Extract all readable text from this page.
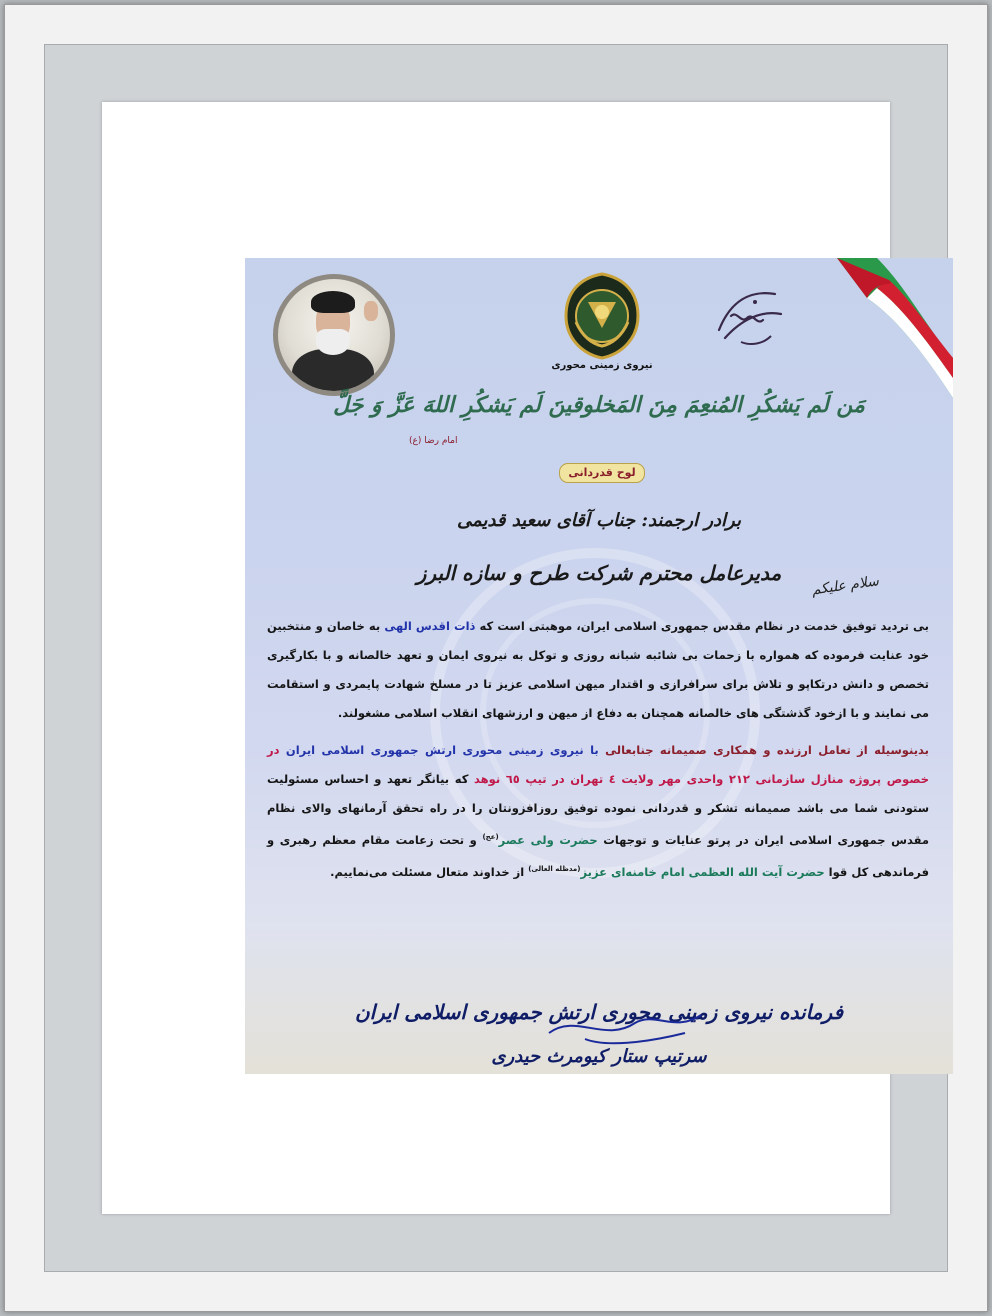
نیروی زمینی محوری
مَن لَم یَشکُرِ المُنعِمَ مِنَ المَخلوقینَ لَم یَشکُرِ اللهَ عَزَّ وَ جَلَّ
امام رضا (ع)
لوح قدردانی
برادر ارجمند: جناب آقای سعید قدیمی
مدیرعامل محترم شرکت طرح و سازه البرز
سلام علیکم

بی تردید توفیق خدمت در نظام مقدس جمهوری اسلامی ایران، موهبتی است که ذات اقدس الهی به خاصان و منتخبین خود عنایت فرموده که همواره با زحمات بی شائبه شبانه روزی و توکل به نیروی ایمان و تعهد خالصانه و با بکارگیری تخصص و دانش درتکاپو و تلاش برای سرافرازی و اقتدار میهن اسلامی عزیز تا در مسلخ شهادت پایمردی و استقامت می نمایند و با ازخود گذشتگی های خالصانه همچنان به دفاع از میهن و ارزشهای انقلاب اسلامی مشغولند.

بدینوسیله از تعامل ارزنده و همکاری صمیمانه جنابعالی با نیروی زمینی محوری ارتش جمهوری اسلامی ایران در خصوص پروژه منازل سازمانی ۲۱۲ واحدی مهر ولایت ٤ تهران در تیپ ٦٥ نوهد که بیانگر تعهد و احساس مسئولیت ستودنی شما می باشد صمیمانه تشکر و قدردانی نموده توفیق روزافزونتان را در راه تحقق آرمانهای والای نظام مقدس جمهوری اسلامی ایران در پرتو عنایات و توجهات حضرت ولی عصر$^{(عج)}$ و تحت زعامت مقام معظم رهبری و فرماندهی کل قوا حضرت آیت الله العظمی امام خامنه‌ای عزیز$^{(مدظله العالی)}$ از خداوند متعال مسئلت می‌نماییم.

فرمانده نیروی زمینی محوری ارتش جمهوری اسلامی ایران
سرتیپ ستار کیومرث حیدری
